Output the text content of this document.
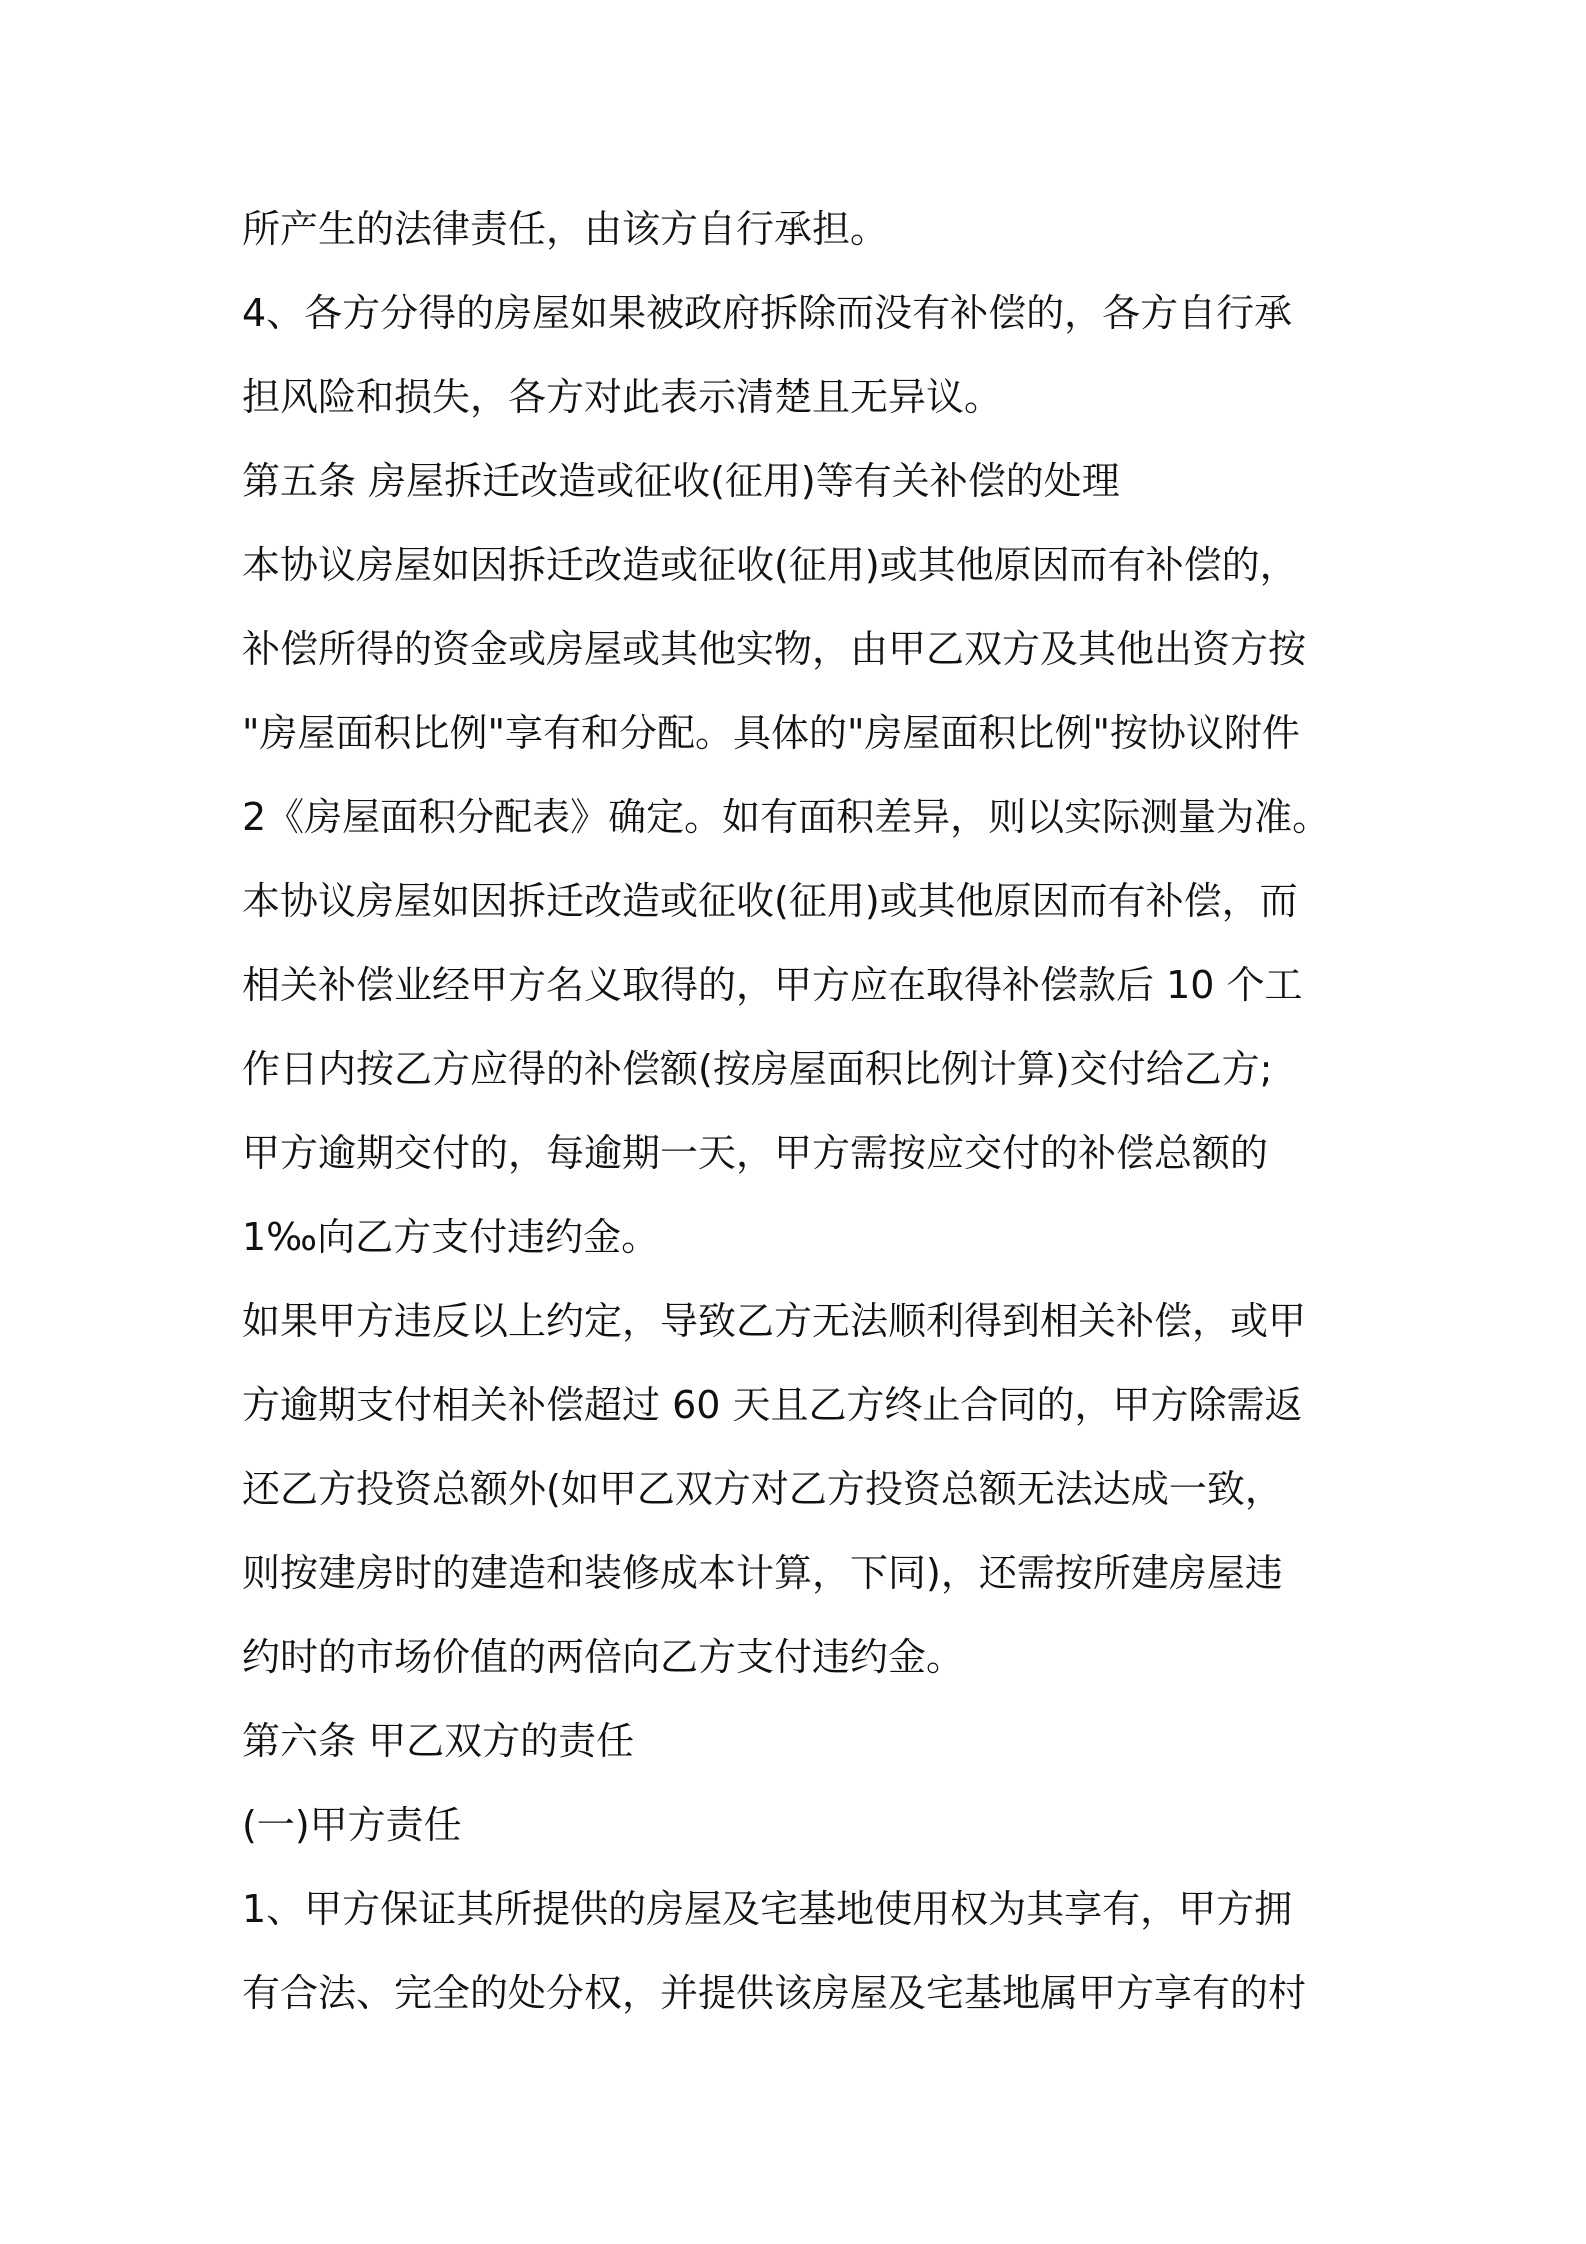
所产生的法律责任，由该方自行承担。
4、各方分得的房屋如果被政府拆除而没有补偿的，各方自行承
担风险和损失，各方对此表示清楚且无异议。
第五条 房屋拆迁改造或征收(征用)等有关补偿的处理
本协议房屋如因拆迁改造或征收(征用)或其他原因而有补偿的，
补偿所得的资金或房屋或其他实物，由甲乙双方及其他出资方按
"房屋面积比例"享有和分配。具体的"房屋面积比例"按协议附件
2《房屋面积分配表》确定。如有面积差异，则以实际测量为准。
本协议房屋如因拆迁改造或征收(征用)或其他原因而有补偿，而
相关补偿业经甲方名义取得的，甲方应在取得补偿款后 10 个工
作日内按乙方应得的补偿额(按房屋面积比例计算)交付给乙方;
甲方逾期交付的，每逾期一天，甲方需按应交付的补偿总额的
1‰向乙方支付违约金。
如果甲方违反以上约定，导致乙方无法顺利得到相关补偿，或甲
方逾期支付相关补偿超过 60 天且乙方终止合同的，甲方除需返
还乙方投资总额外(如甲乙双方对乙方投资总额无法达成一致，
则按建房时的建造和装修成本计算，下同)，还需按所建房屋违
约时的市场价值的两倍向乙方支付违约金。
第六条 甲乙双方的责任
(一)甲方责任
1、甲方保证其所提供的房屋及宅基地使用权为其享有，甲方拥
有合法、完全的处分权，并提供该房屋及宅基地属甲方享有的村
